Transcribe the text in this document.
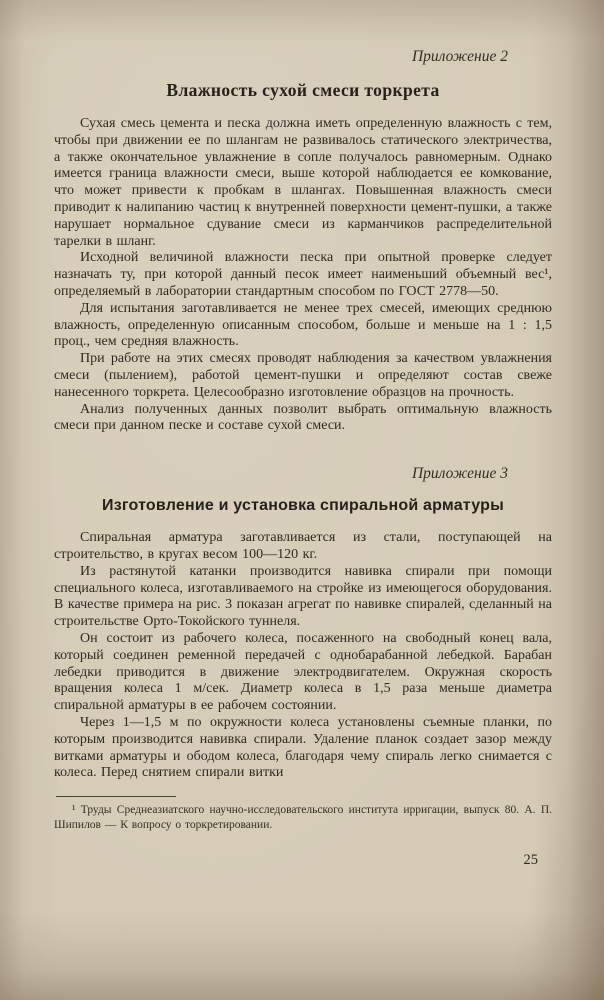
Приложение 2
Влажность сухой смеси торкрета

Сухая смесь цемента и песка должна иметь определенную влажность с тем, чтобы при движении ее по шлангам не развивалось статического электричества, а также окончательное увлажнение в сопле получалось равномерным. Однако имеется граница влажности смеси, выше которой наблюдается ее комкование, что может привести к пробкам в шлангах. Повышенная влажность смеси приводит к налипанию частиц к внутренней поверхности цемент-пушки, а также нарушает нормальное сдувание смеси из карманчиков распределительной тарелки в шланг.

Исходной величиной влажности песка при опытной проверке следует назначать ту, при которой данный песок имеет наименьший объемный вес¹, определяемый в лаборатории стандартным способом по ГОСТ 2778—50.

Для испытания заготавливается не менее трех смесей, имеющих среднюю влажность, определенную описанным способом, больше и меньше на 1 : 1,5 проц., чем средняя влажность.

При работе на этих смесях проводят наблюдения за качеством увлажнения смеси (пылением), работой цемент-пушки и определяют состав свеже нанесенного торкрета. Целесообразно изготовление образцов на прочность.

Анализ полученных данных позволит выбрать оптимальную влажность смеси при данном песке и составе сухой смеси.

Приложение 3
Изготовление и установка спиральной арматуры

Спиральная арматура заготавливается из стали, поступающей на строительство, в кругах весом 100—120 кг.

Из растянутой катанки производится навивка спирали при помощи специального колеса, изготавливаемого на стройке из имеющегося оборудования. В качестве примера на рис. 3 показан агрегат по навивке спиралей, сделанный на строительстве Орто-Токойского туннеля.

Он состоит из рабочего колеса, посаженного на свободный конец вала, который соединен ременной передачей с однобарабанной лебедкой. Барабан лебедки приводится в движение электродвигателем. Окружная скорость вращения колеса 1 м/сек. Диаметр колеса в 1,5 раза меньше диаметра спиральной арматуры в ее рабочем состоянии.

Через 1—1,5 м по окружности колеса установлены съемные планки, по которым производится навивка спирали. Удаление планок создает зазор между витками арматуры и ободом колеса, благодаря чему спираль легко снимается с колеса. Перед снятием спирали витки

¹ Труды Среднеазиатского научно-исследовательского института ирригации, выпуск 80. А. П. Шипилов — К вопросу о торкретировании.

25
